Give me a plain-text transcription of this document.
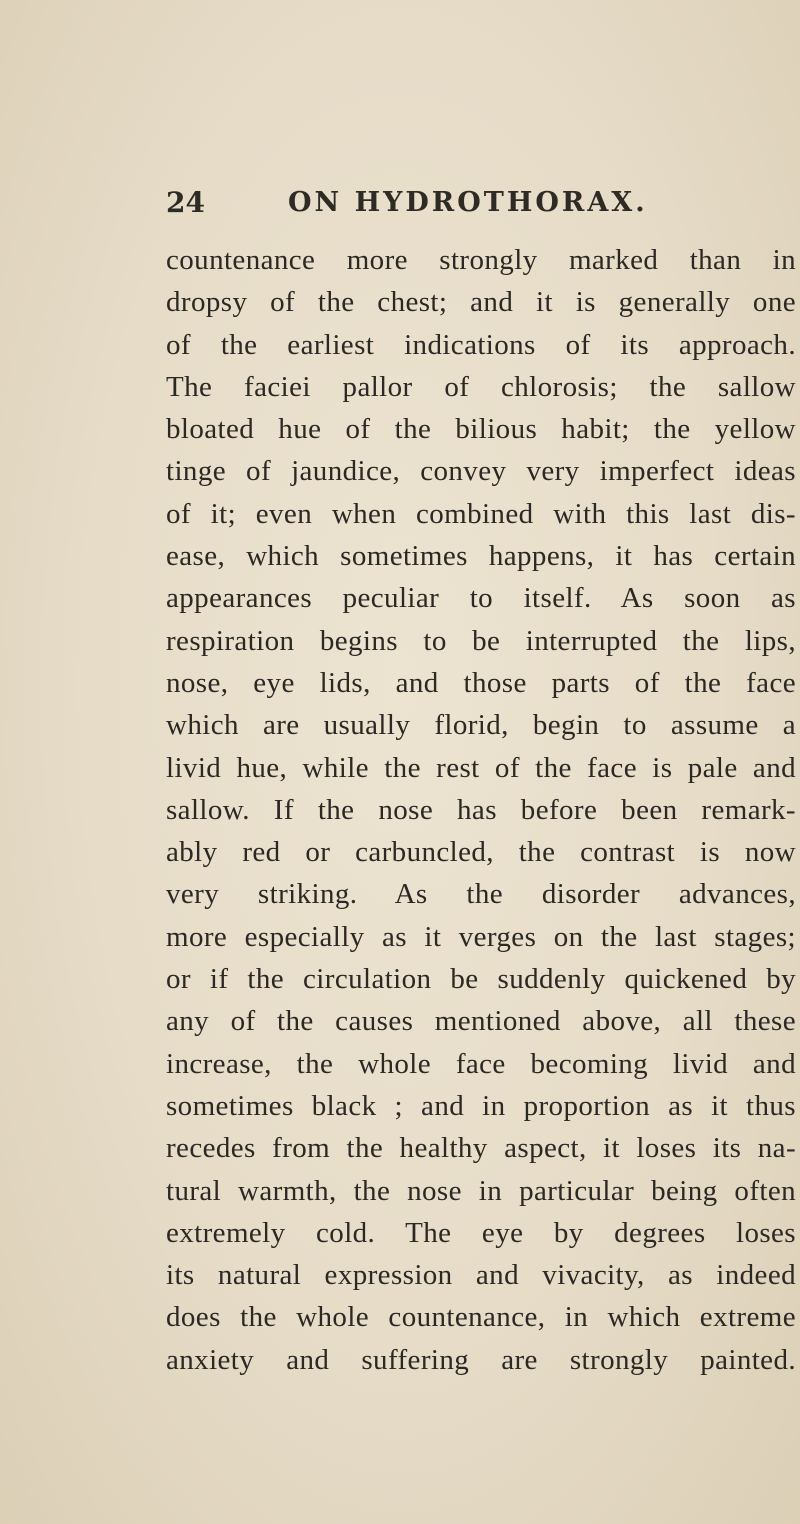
24	ON HYDROTHORAX.
countenance more strongly marked than in
dropsy of the chest; and it is generally one
of the earliest indications of its approach.
The faciei pallor of chlorosis; the sallow
bloated hue of the bilious habit; the yellow
tinge of jaundice, convey very imperfect ideas
of it; even when combined with this last dis-
ease, which sometimes happens, it has certain
appearances peculiar to itself. As soon as
respiration begins to be interrupted the lips,
nose, eye lids, and those parts of the face
which are usually florid, begin to assume a
livid hue, while the rest of the face is pale and
sallow. If the nose has before been remark-
ably red or carbuncled, the contrast is now
very striking. As the disorder advances,
more especially as it verges on the last stages;
or if the circulation be suddenly quickened by
any of the causes mentioned above, all these
increase, the whole face becoming livid and
sometimes black ; and in proportion as it thus
recedes from the healthy aspect, it loses its na-
tural warmth, the nose in particular being often
extremely cold. The eye by degrees loses
its natural expression and vivacity, as indeed
does the whole countenance, in which extreme
anxiety and suffering are strongly painted.
